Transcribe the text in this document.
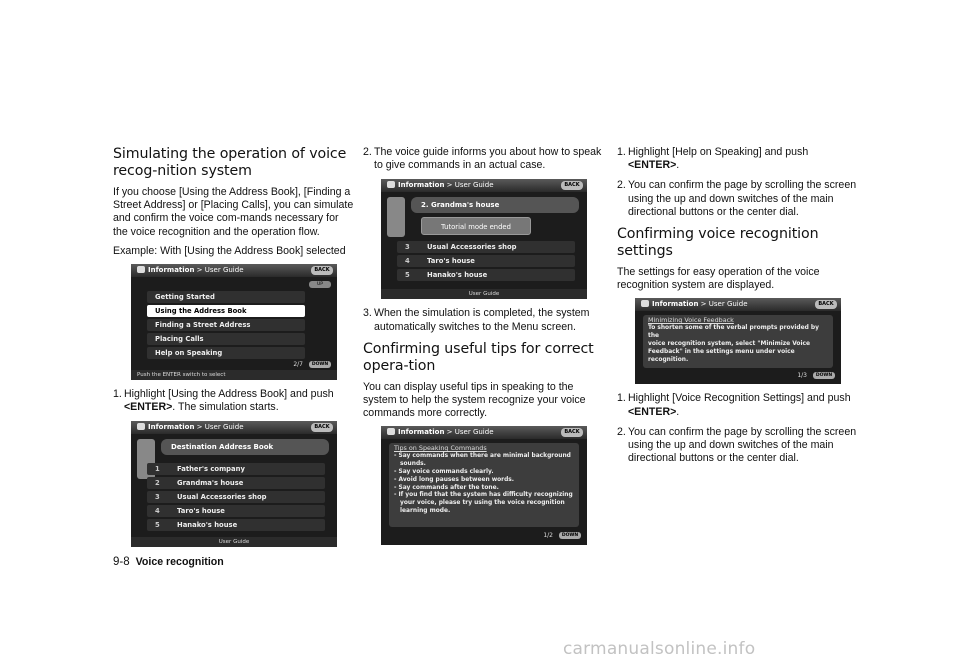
Simulating the operation of voice recog-nition system

If you choose [Using the Address Book], [Finding a Street Address] or [Placing Calls], you can simulate and confirm the voice com-mands necessary for the voice recognition and the operation flow.

Example: With [Using the Address Book] selected

Information > User Guide	BACK
UP
Getting Started
Using the Address Book
Finding a Street Address
Placing Calls
Help on Speaking
2/7	DOWN
Push the ENTER switch to select
1. Highlight [Using the Address Book] and push <ENTER>. The simulation starts.
Information > User Guide	BACK
Destination Address Book
1	Father's company
2	Grandma's house
3	Usual Accessories shop
4	Taro's house
5	Hanako's house
User Guide
2. The voice guide informs you about how to speak to give commands in an actual case.
Information > User Guide	BACK
2. Grandma's house
3	Usual Accessories shop
4	Taro's house
5	Hanako's house
Tutorial mode ended
User Guide
3. When the simulation is completed, the system automatically switches to the Menu screen.
Confirming useful tips for correct opera-tion

You can display useful tips in speaking to the system to help the system recognize your voice commands more correctly.

Information > User Guide	BACK
Tips on Speaking Commands
- Say commands when there are minimal background
sounds.
- Say voice commands clearly.
- Avoid long pauses between words.
- Say commands after the tone.
- If you find that the system has difficulty recognizing
your voice, please try using the voice recognition
learning mode.
1/2	DOWN
1. Highlight [Help on Speaking] and push <ENTER>.
2. You can confirm the page by scrolling the screen using the up and down switches of the main directional buttons or the center dial.
Confirming voice recognition settings

The settings for easy operation of the voice recognition system are displayed.

Information > User Guide	BACK
Minimizing Voice Feedback
To shorten some of the verbal prompts provided by the
voice recognition system, select "Minimize Voice
Feedback" in the settings menu under voice recognition.
1/3	DOWN
1. Highlight [Voice Recognition Settings] and push <ENTER>.
2. You can confirm the page by scrolling the screen using the up and down switches of the main directional buttons or the center dial.
9-8 Voice recognition
carmanualsonline.info
